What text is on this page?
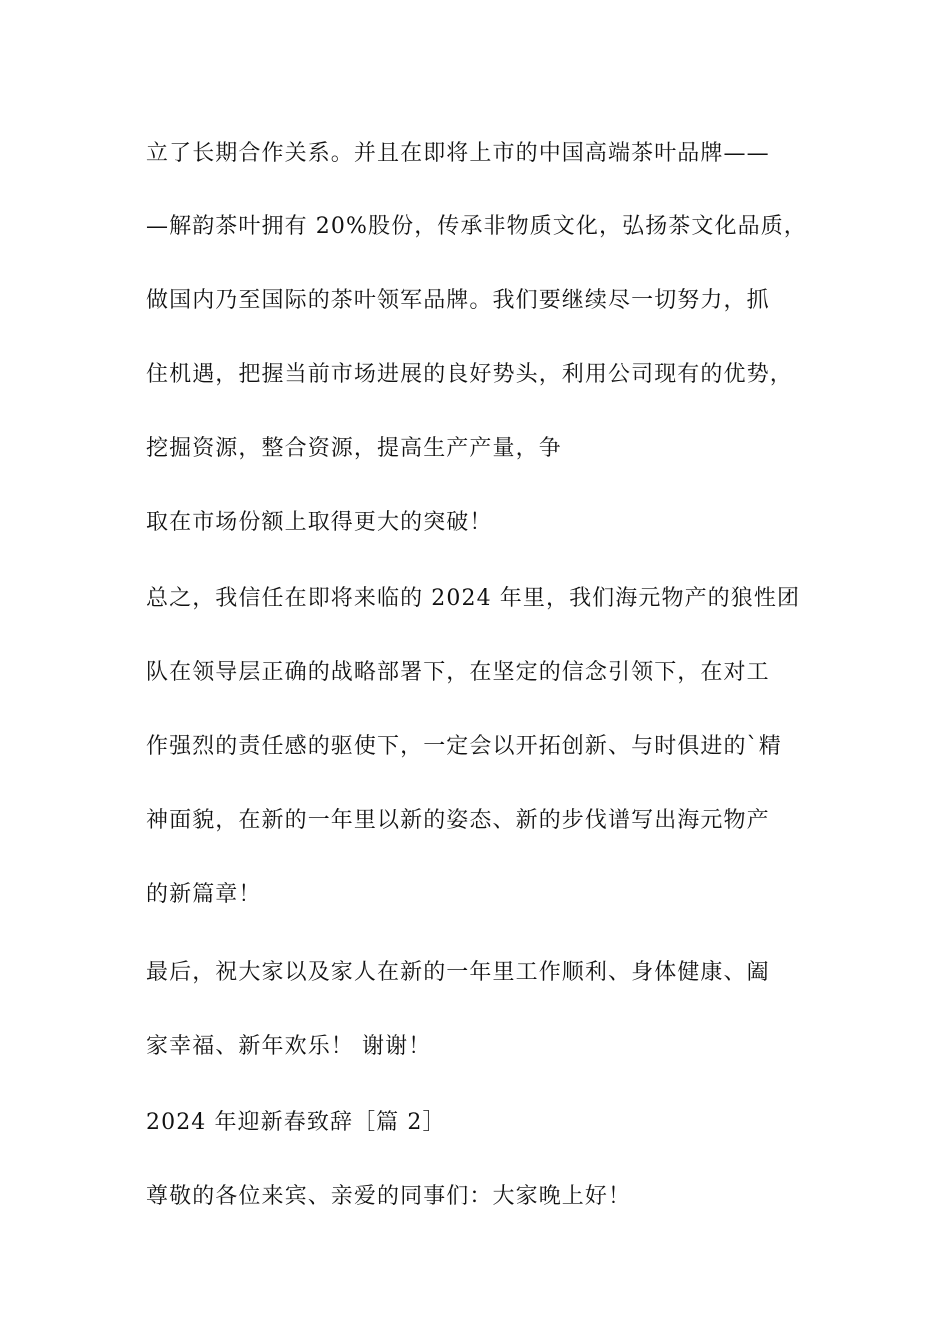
立了长期合作关系。并且在即将上市的中国高端茶叶品牌——
—解韵茶叶拥有 20%股份，传承非物质文化，弘扬茶文化品质，
做国内乃至国际的茶叶领军品牌。我们要继续尽一切努力，抓
住机遇，把握当前市场进展的良好势头，利用公司现有的优势，
挖掘资源，整合资源，提高生产产量，争
取在市场份额上取得更大的突破！
总之，我信任在即将来临的 2024 年里，我们海元物产的狼性团
队在领导层正确的战略部署下，在坚定的信念引领下，在对工
作强烈的责任感的驱使下，一定会以开拓创新、与时俱进的`精
神面貌，在新的一年里以新的姿态、新的步伐谱写出海元物产
的新篇章！
最后，祝大家以及家人在新的一年里工作顺利、身体健康、阖
家幸福、新年欢乐！ 谢谢！
2024 年迎新春致辞［篇 2］
尊敬的各位来宾、亲爱的同事们：大家晚上好！
